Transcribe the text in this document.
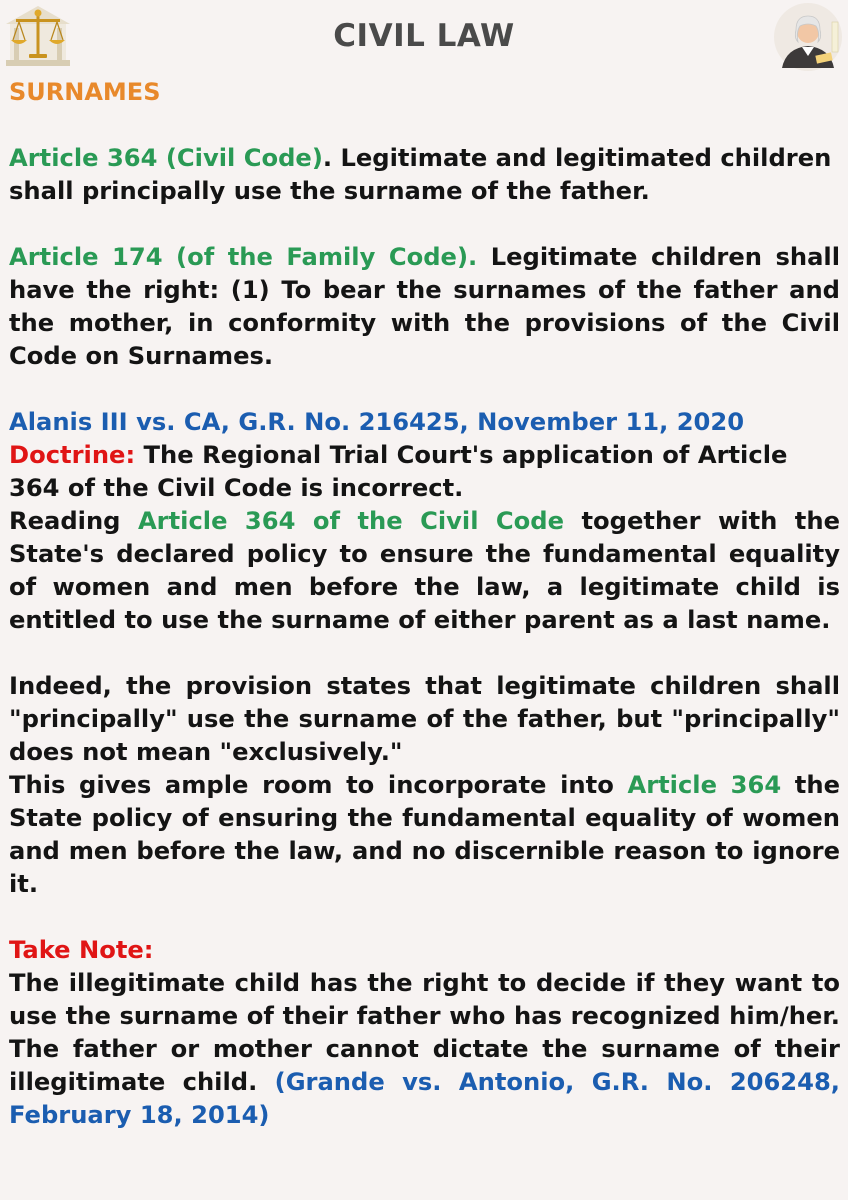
CIVIL LAW
SURNAMES

Article 364 (Civil Code). Legitimate and legitimated children shall principally use the surname of the father.

Article 174 (of the Family Code). Legitimate children shall have the right: (1) To bear the surnames of the father and the mother, in conformity with the provisions of the Civil Code on Surnames.

Alanis III vs. CA, G.R. No. 216425, November 11, 2020

Doctrine: The Regional Trial Court's application of Article 364 of the Civil Code is incorrect.

Reading Article 364 of the Civil Code together with the State's declared policy to ensure the fundamental equality of women and men before the law, a legitimate child is entitled to use the surname of either parent as a last name.

Indeed, the provision states that legitimate children shall "principally" use the surname of the father, but "principally" does not mean "exclusively."

This gives ample room to incorporate into Article 364 the State policy of ensuring the fundamental equality of women and men before the law, and no discernible reason to ignore it.

Take Note:

The illegitimate child has the right to decide if they want to use the surname of their father who has recognized him/her. The father or mother cannot dictate the surname of their illegitimate child. (Grande vs. Antonio, G.R. No. 206248, February 18, 2014)
